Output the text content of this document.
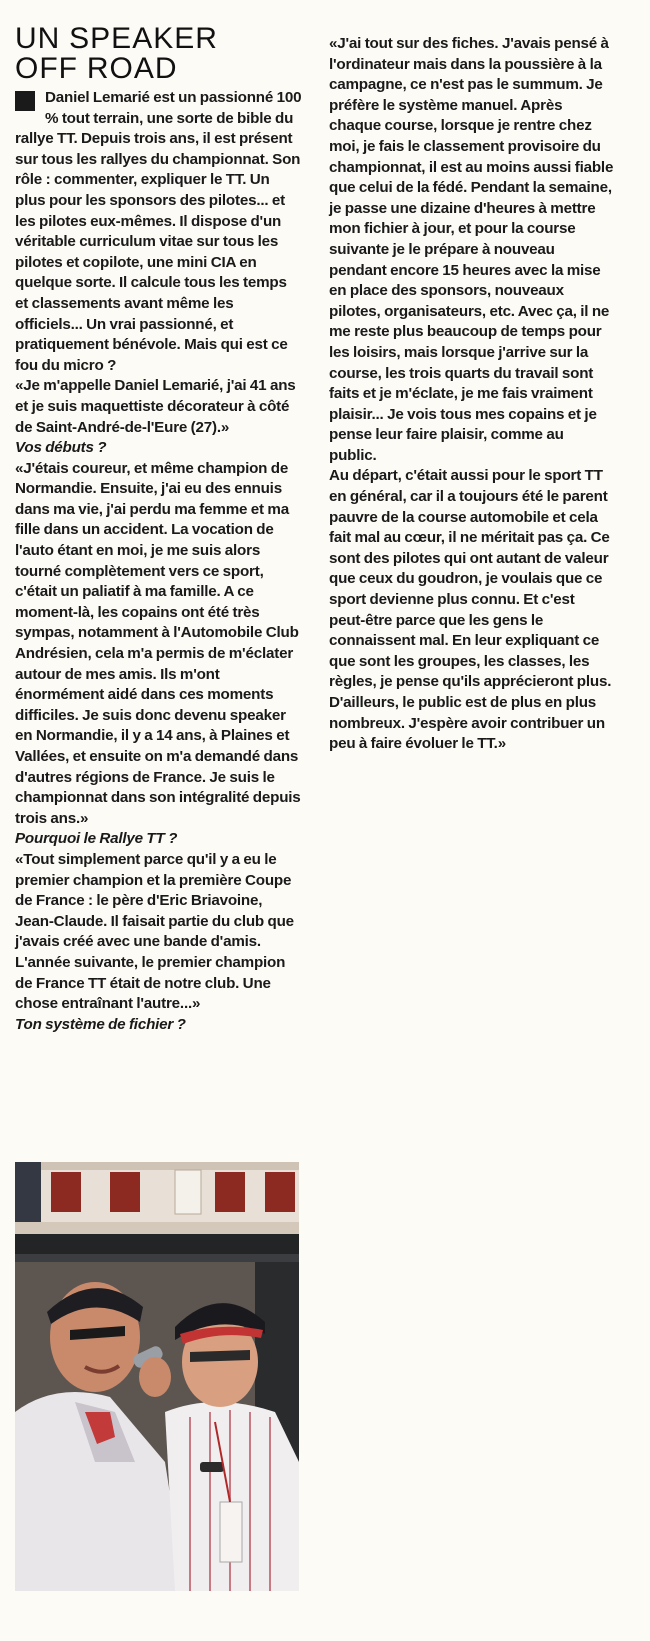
UN SPEAKER
OFF ROAD

Daniel Lemarié est un passionné 100 % tout terrain, une sorte de bible du rallye TT. Depuis trois ans, il est présent sur tous les rallyes du championnat. Son rôle : commenter, expliquer le TT. Un plus pour les sponsors des pilotes... et les pilotes eux-mêmes. Il dispose d'un véritable curriculum vitae sur tous les pilotes et copilote, une mini CIA en quelque sorte. Il calcule tous les temps et classements avant même les officiels... Un vrai passionné, et pratiquement bénévole. Mais qui est ce fou du micro ?

«Je m'appelle Daniel Lemarié, j'ai 41 ans et je suis maquettiste décorateur à côté de Saint-André-de-l'Eure (27).»

Vos débuts ?

«J'étais coureur, et même champion de Normandie. Ensuite, j'ai eu des ennuis dans ma vie, j'ai perdu ma femme et ma fille dans un accident. La vocation de l'auto étant en moi, je me suis alors tourné complètement vers ce sport, c'était un paliatif à ma famille. A ce moment-là, les copains ont été très sympas, notamment à l'Automobile Club Andrésien, cela m'a permis de m'éclater autour de mes amis. Ils m'ont énormément aidé dans ces moments difficiles. Je suis donc devenu speaker en Normandie, il y a 14 ans, à Plaines et Vallées, et ensuite on m'a demandé dans d'autres régions de France. Je suis le championnat dans son intégralité depuis trois ans.»

Pourquoi le Rallye TT ?

«Tout simplement parce qu'il y a eu le premier champion et la première Coupe de France : le père d'Eric Briavoine, Jean-Claude. Il faisait partie du club que j'avais créé avec une bande d'amis. L'année suivante, le premier champion de France TT était de notre club. Une chose entraînant l'autre...»

Ton système de fichier ?

«J'ai tout sur des fiches. J'avais pensé à l'ordinateur mais dans la poussière à la campagne, ce n'est pas le summum. Je préfère le système manuel. Après chaque course, lorsque je rentre chez moi, je fais le classement provisoire du championnat, il est au moins aussi fiable que celui de la fédé. Pendant la semaine, je passe une dizaine d'heures à mettre mon fichier à jour, et pour la course suivante je le prépare à nouveau pendant encore 15 heures avec la mise en place des sponsors, nouveaux pilotes, organisateurs, etc. Avec ça, il ne me reste plus beaucoup de temps pour les loisirs, mais lorsque j'arrive sur la course, les trois quarts du travail sont faits et je m'éclate, je me fais vraiment plaisir... Je vois tous mes copains et je pense leur faire plaisir, comme au public.

Au départ, c'était aussi pour le sport TT en général, car il a toujours été le parent pauvre de la course automobile et cela fait mal au cœur, il ne méritait pas ça. Ce sont des pilotes qui ont autant de valeur que ceux du goudron, je voulais que ce sport devienne plus connu. Et c'est peut-être parce que les gens le connaissent mal. En leur expliquant ce que sont les groupes, les classes, les règles, je pense qu'ils apprécieront plus. D'ailleurs, le public est de plus en plus nombreux. J'espère avoir contribuer un peu à faire évoluer le TT.»
